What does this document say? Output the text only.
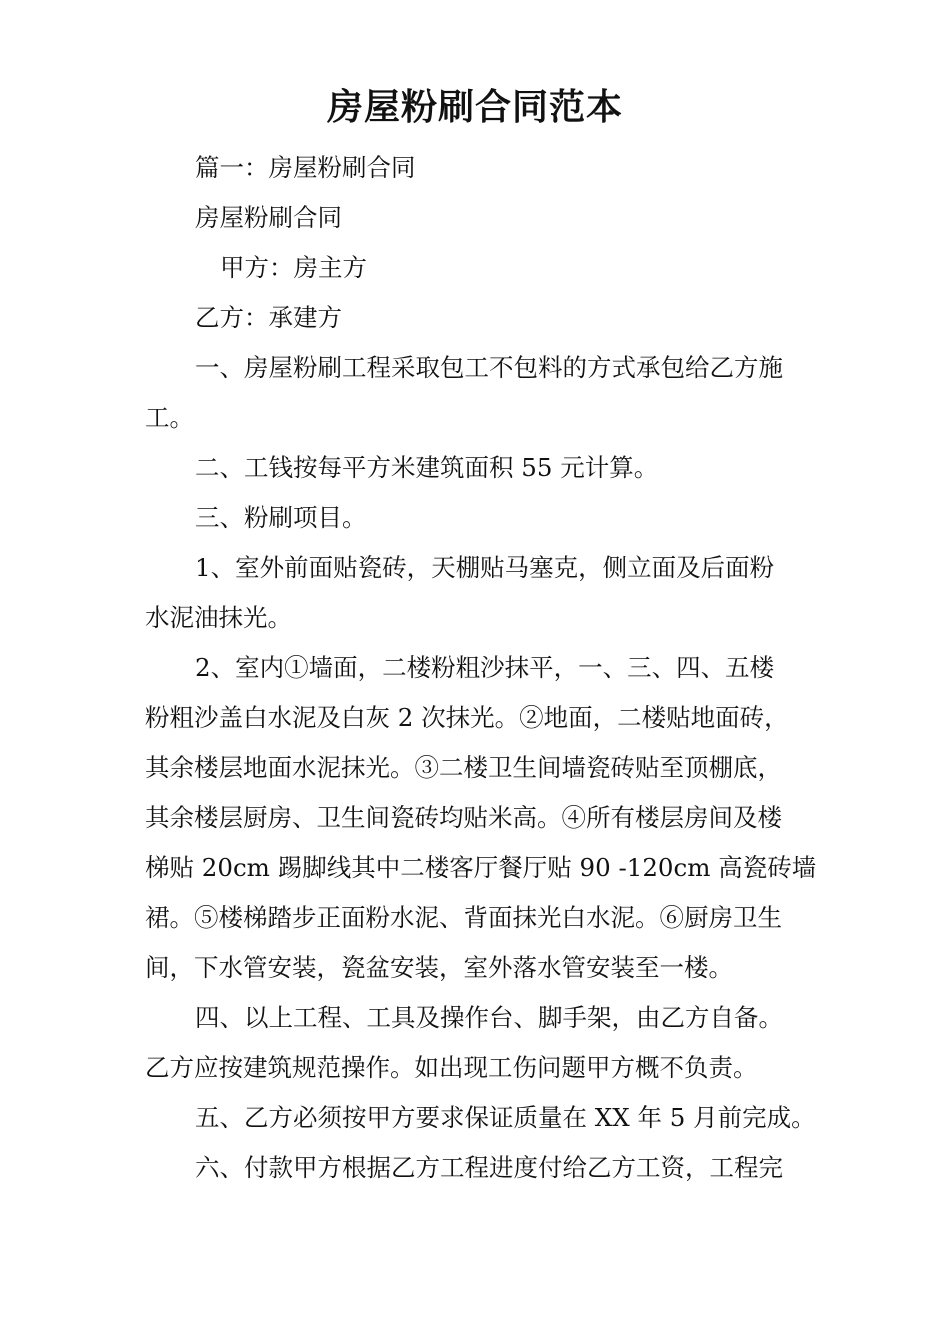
房屋粉刷合同范本
篇一：房屋粉刷合同
房屋粉刷合同
甲方：房主方
乙方：承建方
一、房屋粉刷工程采取包工不包料的方式承包给乙方施
工。
二、工钱按每平方米建筑面积 55 元计算。
三、粉刷项目。
1、室外前面贴瓷砖，天棚贴马塞克，侧立面及后面粉
水泥油抹光。
2、室内①墙面，二楼粉粗沙抹平，一、三、四、五楼
粉粗沙盖白水泥及白灰 2 次抹光。②地面，二楼贴地面砖，
其余楼层地面水泥抹光。③二楼卫生间墙瓷砖贴至顶棚底，
其余楼层厨房、卫生间瓷砖均贴米高。④所有楼层房间及楼
梯贴 20cm 踢脚线其中二楼客厅餐厅贴 90 -120cm 高瓷砖墙
裙。⑤楼梯踏步正面粉水泥、背面抹光白水泥。⑥厨房卫生
间，下水管安装，瓷盆安装，室外落水管安装至一楼。
四、以上工程、工具及操作台、脚手架，由乙方自备。
乙方应按建筑规范操作。如出现工伤问题甲方概不负责。
五、乙方必须按甲方要求保证质量在 XX 年 5 月前完成。
六、付款甲方根据乙方工程进度付给乙方工资，工程完
